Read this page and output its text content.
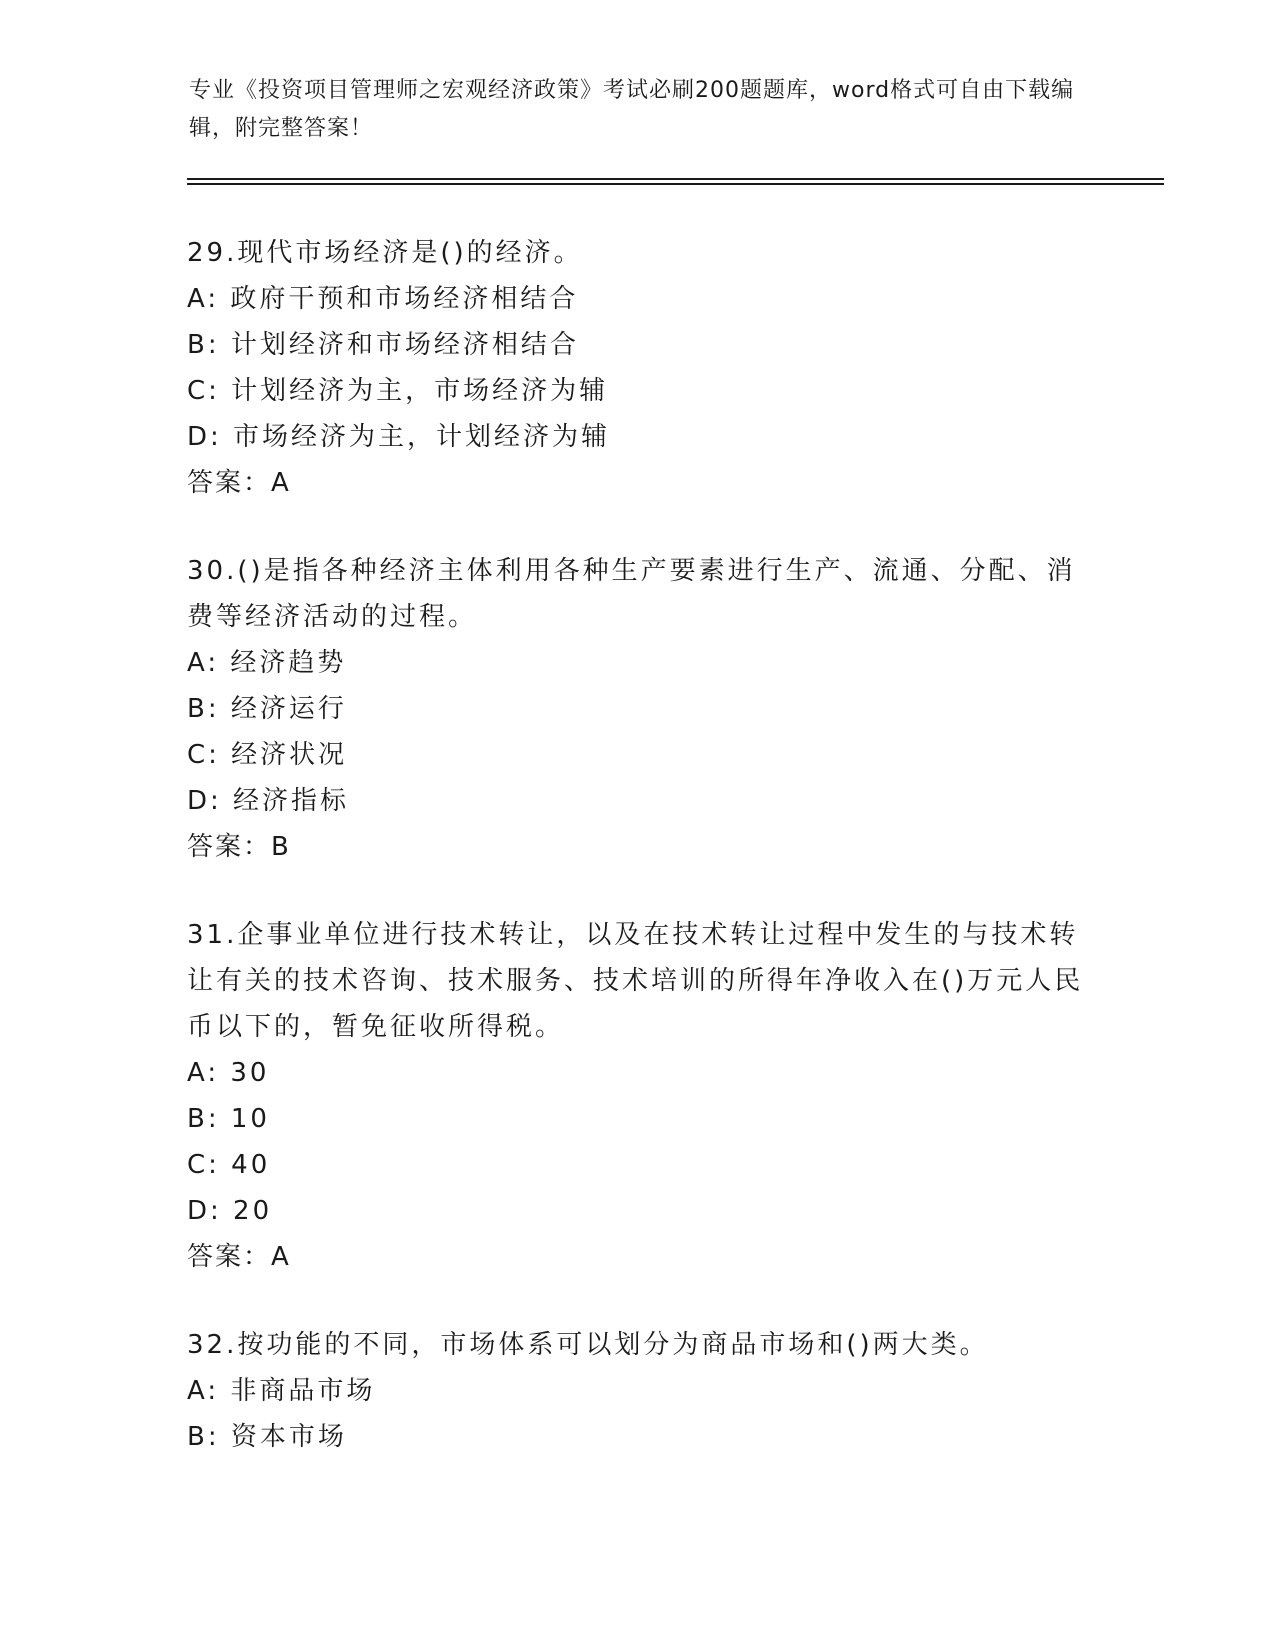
专业《投资项目管理师之宏观经济政策》考试必刷200题题库，word格式可自由下载编辑，附完整答案！
29.现代市场经济是()的经济。
A: 政府干预和市场经济相结合
B: 计划经济和市场经济相结合
C: 计划经济为主，市场经济为辅
D: 市场经济为主，计划经济为辅
答案：A
30.()是指各种经济主体利用各种生产要素进行生产、流通、分配、消费等经济活动的过程。
A: 经济趋势
B: 经济运行
C: 经济状况
D: 经济指标
答案：B
31.企事业单位进行技术转让，以及在技术转让过程中发生的与技术转让有关的技术咨询、技术服务、技术培训的所得年净收入在()万元人民币以下的，暂免征收所得税。
A: 30
B: 10
C: 40
D: 20
答案：A
32.按功能的不同，市场体系可以划分为商品市场和()两大类。
A: 非商品市场
B: 资本市场
